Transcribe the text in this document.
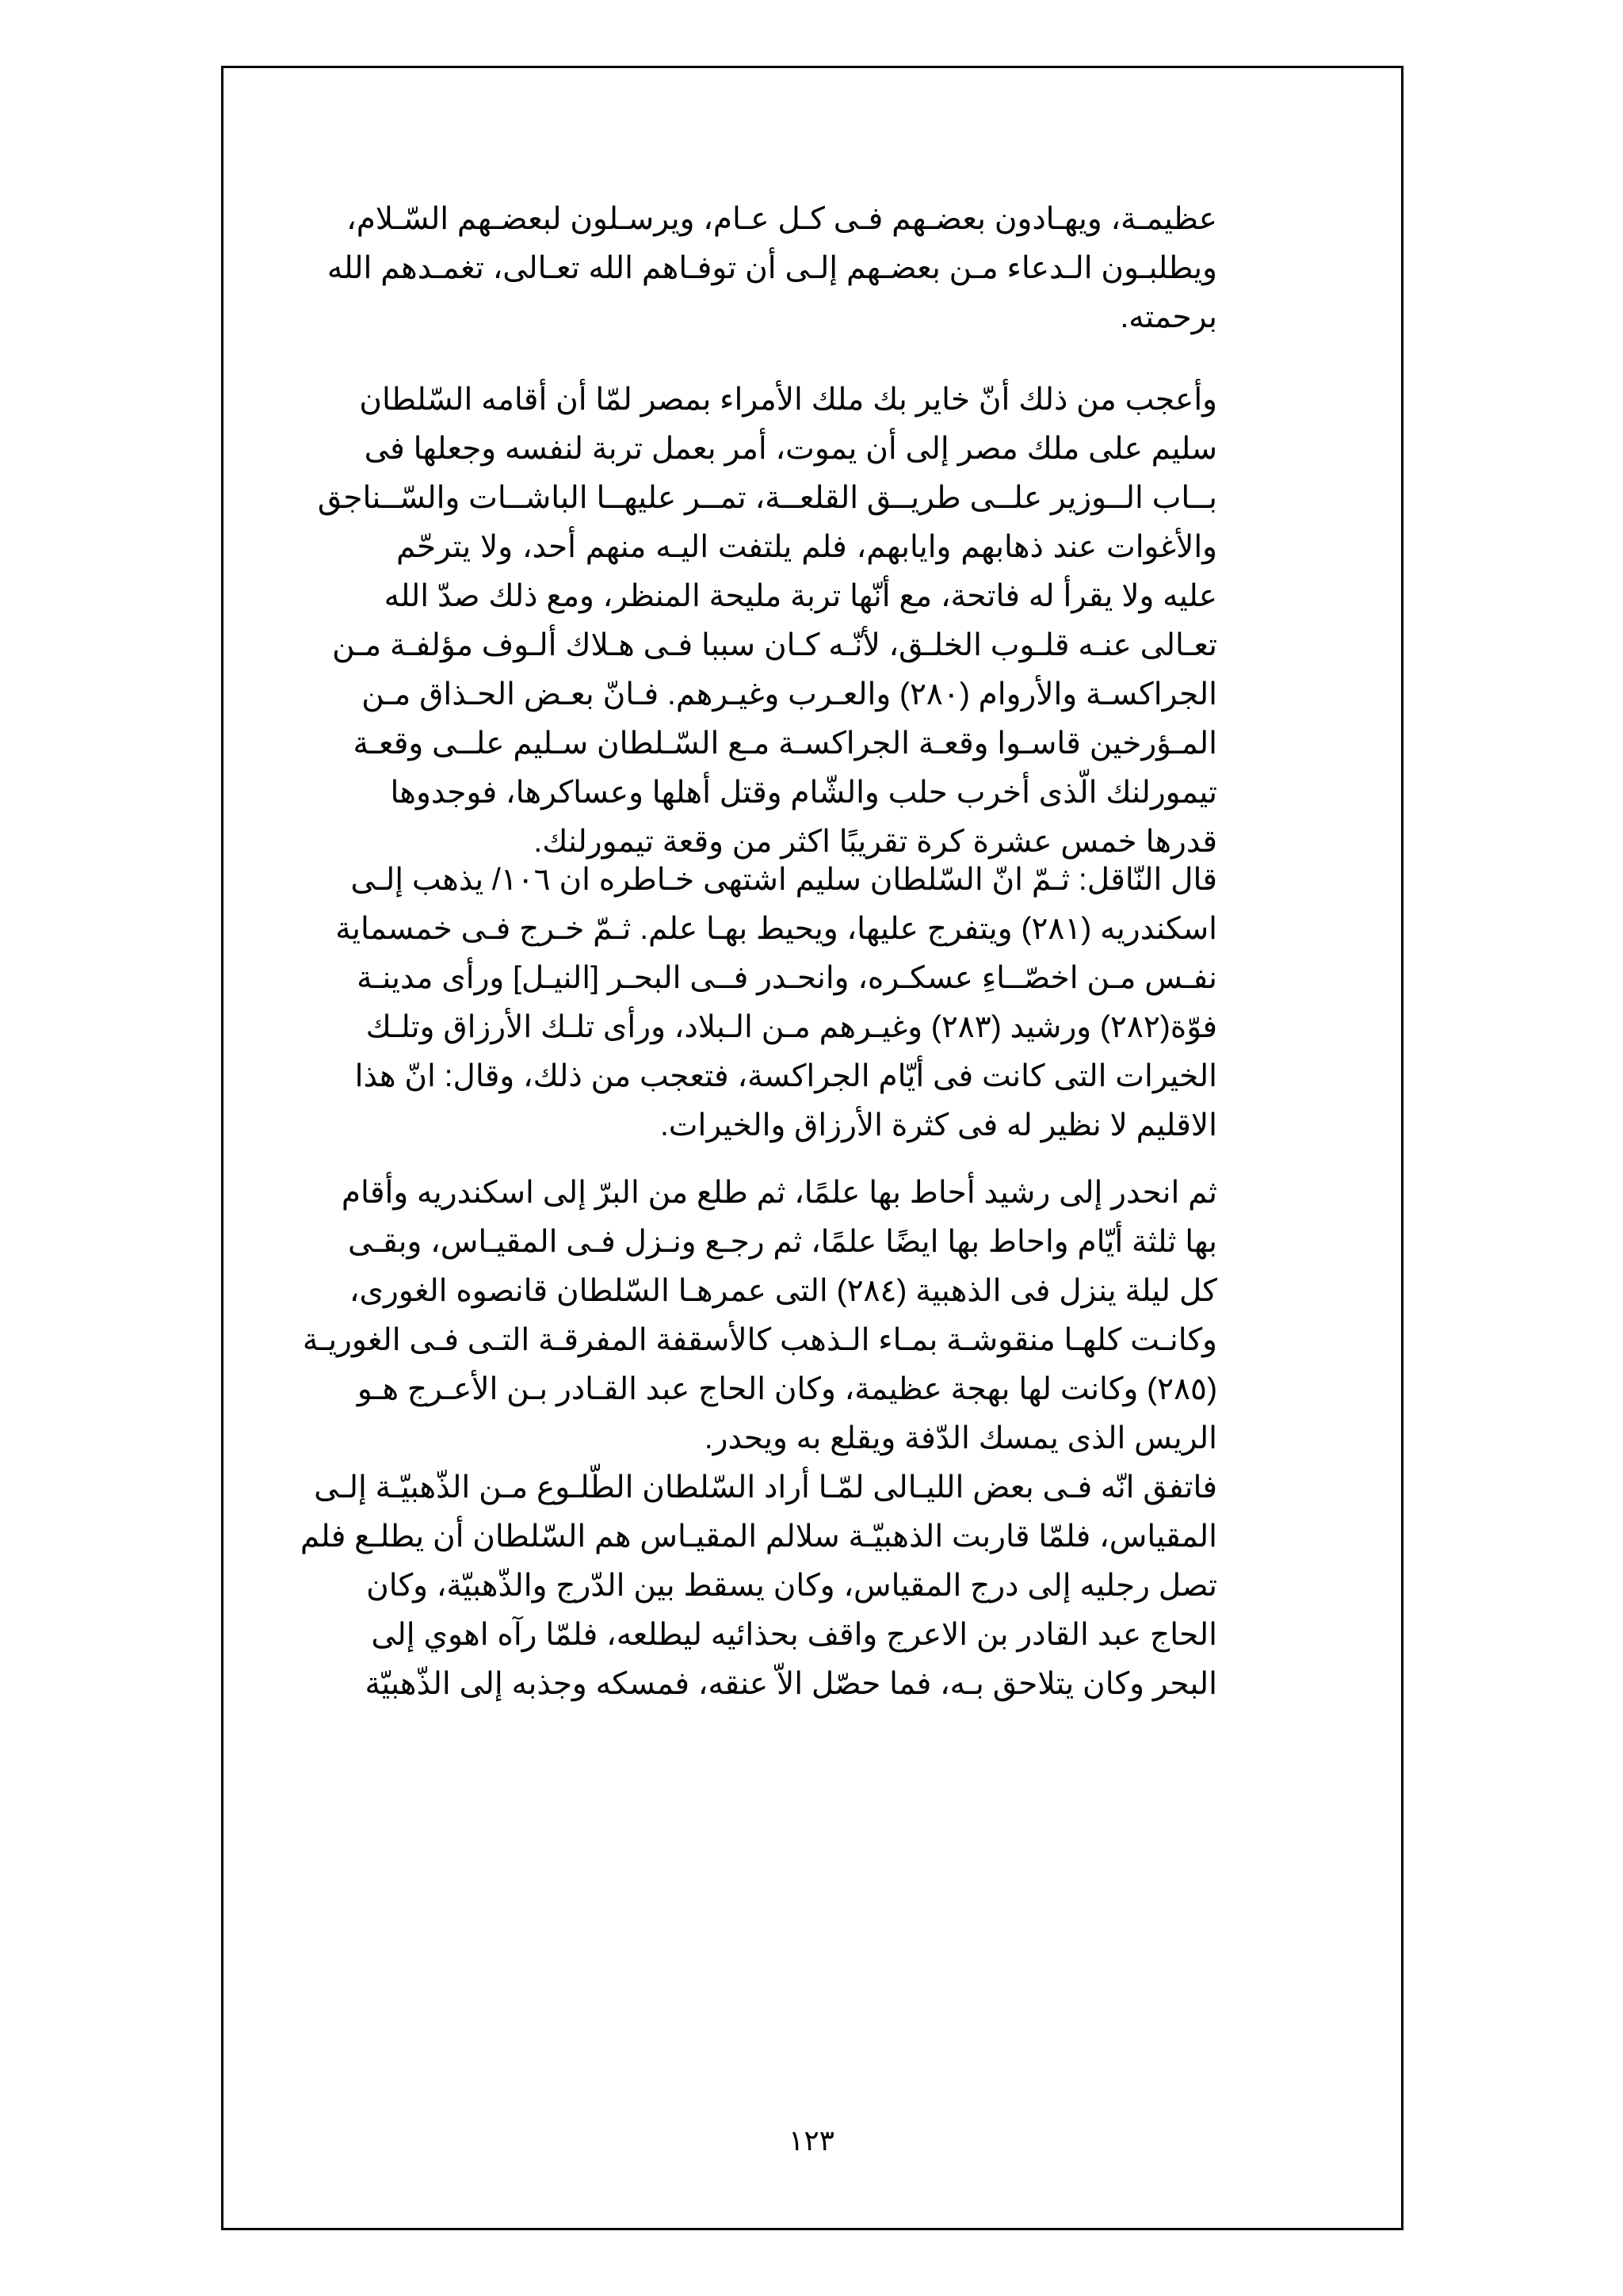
عظيمـة، ويهـادون بعضـهم فـى كـل عـام، ويرسـلون لبعضـهم السّـلام،
ويطلبـون الـدعاء مـن بعضـهم إلـى أن توفـاهم الله تعـالى، تغمـدهم الله
برحمته.

وأعجب من ذلك أنّ خاير بك ملك الأمراء بمصر لمّا أن أقامه السّلطان
سليم على ملك مصر إلى أن يموت، أمر بعمل تربة لنفسه وجعلها فى
بــاب الــوزير علــى طريــق القلعــة، تمــر عليهــا الباشــات والسّــناجق
والأغوات عند ذهابهم وايابهم، فلم يلتفت اليـه منهم أحد، ولا يترحّم
عليه ولا يقرأ له فاتحة، مع أنّها تربة مليحة المنظر، ومع ذلك صدّ الله
تعـالى عنـه قلـوب الخلـق، لأنّـه كـان سببا فـى هـلاك ألـوف مؤلفـة مـن
الجراكسـة والأروام (٢٨٠) والعـرب وغيـرهم. فـانّ بعـض الحـذاق مـن
المـؤرخين قاسـوا وقعـة الجراكسـة مـع السّـلطان سـليم علــى وقعـة
تيمورلنك الّذى أخرب حلب والشّام وقتل أهلها وعساكرها، فوجدوها
قدرها خمس عشرة كرة تقريبًا اكثر من وقعة تيمورلنك.

قال النّاقل: ثـمّ انّ السّلطان سليم اشتهى خـاطره ان ١٠٦/ يذهب إلـى
اسكندريه (٢٨١) ويتفرج عليها، ويحيط بهـا علم. ثـمّ خـرج فـى خمسماية
نفـس مـن اخصّــاءِ عسكـره، وانحـدر فــى البحـر [النيـل] ورأى مدينـة
فوّة(٢٨٢) ورشيد (٢٨٣) وغيـرهم مـن الـبلاد، ورأى تلـك الأرزاق وتلـك
الخيرات التى كانت فى أيّام الجراكسة، فتعجب من ذلك، وقال: انّ هذا
الاقليم لا نظير له فى كثرة الأرزاق والخيرات.

ثم انحدر إلى رشيد أحاط بها علمًا، ثم طلع من البرّ إلى اسكندريه وأقام
بها ثلثة أيّام واحاط بها ايضًا علمًا، ثم رجـع ونـزل فـى المقيـاس، وبقـى
كل ليلة ينزل فى الذهبية (٢٨٤) التى عمرهـا السّلطان قانصوه الغورى،
وكانـت كلهـا منقوشـة بمـاء الـذهب كالأسقفة المفرقـة التـى فـى الغوريـة
(٢٨٥) وكانت لها بهجة عظيمة، وكان الحاج عبد القـادر بـن الأعـرج هـو
الريس الذى يمسك الدّفة ويقلع به ويحدر.

فاتفق انّه فـى بعض الليـالى لمّـا أراد السّلطان الطّلـوع مـن الذّهبيّـة إلـى
المقياس، فلمّا قاربت الذهبيّـة سلالم المقيـاس هم السّلطان أن يطلـع فلم
تصل رجليه إلى درج المقياس، وكان يسقط بين الدّرج والذّهبيّة، وكان
الحاج عبد القادر بن الاعرج واقف بحذائيه ليطلعه، فلمّا رآه اهوي إلى
البحر وكان يتلاحق بـه، فما حصّل الاّ عنقه، فمسكه وجذبه إلى الذّهبيّة

١٢٣
